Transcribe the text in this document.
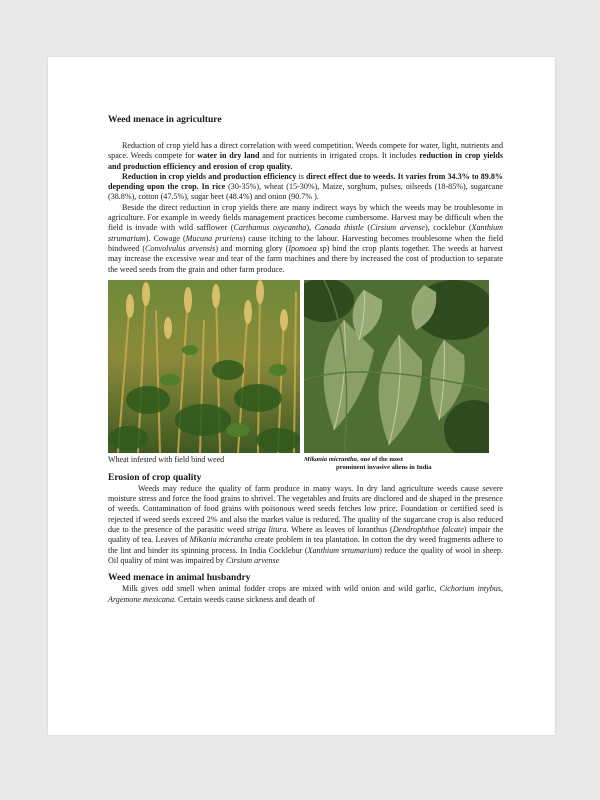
Weed menace in agriculture

Reduction of crop yield has a direct correlation with weed competition. Weeds compete for water, light, nutrients and space. Weeds compete for water in dry land and for nutrients in irrigated crops. It includes reduction in crop yields and production efficiency and erosion of crop quality.

Reduction in crop yields and production efficiency is direct effect due to weeds. It varies from 34.3% to 89.8% depending upon the crop. In rice (30-35%), wheat (15-30%), Maize, sorghum, pulses, oilseeds (18-85%), sugarcane (38.8%), cotton (47.5%), sugar beet (48.4%) and onion (90.7% ).

Beside the direct reduction in crop yields there are many indirect ways by which the weeds may be troublesome in agriculture. For example in weedy fields management practices become cumbersome. Harvest may be difficult when the field is invade with wild safflower (Carthamus oxycantha), Canada thistle (Cirsium arvense), cocklebur (Xanthium strumarium). Cowage (Mucuna pruriens) cause itching to the labour. Harvesting becomes troublesome when the field bindweed (Convolvulus arvensis) and morning glory (Ipomoea sp) bind the crop plants together. The weeds at harvest may increase the excessive wear and tear of the farm machines and there by increased the cost of production to separate the weed seeds from the grain and other farm produce.

Wheat infested with field bind weed	Mikania micrantha, one of the most
prominent invasive aliens in India
Erosion of crop quality

Weeds may reduce the quality of farm produce in many ways. In dry land agriculture weeds cause severe moisture stress and force the food grains to shrivel. The vegetables and fruits are disclored and de shaped in the presence of weeds. Contamination of food grains with poisonous weed seeds fetches low price. Foundation or certified seed is rejected if weed seeds exceed 2% and also the market value is reduced. The quality of the sugarcane crop is also reduced due to the presence of the parasitic weed striga litura. Where as leaves of loranthus (Dendrophthoe falcate) impair the quality of tea. Leaves of Mikania micrantha create problem in tea plantation. In cotton the dry weed fragments adhere to the lint and hinder its spinning process. In India Cocklebur (Xanthium srtumarium) reduce the quality of wool in sheep. Oil quality of mint was impaired by Cirsium arvense

Weed menace in animal husbandry

Milk gives odd smell when animal fodder crops are mixed with wild onion and wild garlic, Cichorium intybus, Argemone mexicana. Certain weeds cause sickness and death of
